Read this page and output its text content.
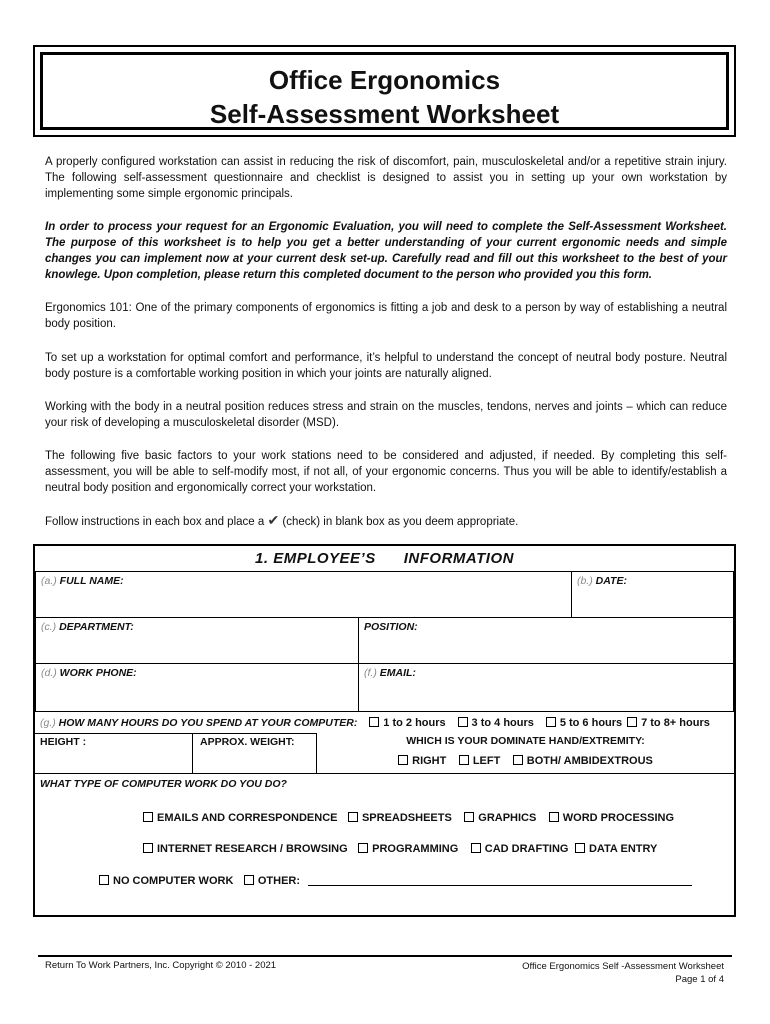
Office Ergonomics
Self-Assessment Worksheet
A properly configured workstation can assist in reducing the risk of discomfort, pain, musculoskeletal and/or a repetitive strain injury. The following self-assessment questionnaire and checklist is designed to assist you in setting up your own workstation by implementing some simple ergonomic principals.
In order to process your request for an Ergonomic Evaluation, you will need to complete the Self-Assessment Worksheet. The purpose of this worksheet is to help you get a better understanding of your current ergonomic needs and simple changes you can implement now at your current desk set-up. Carefully read and fill out this worksheet to the best of your knowlege. Upon completion, please return this completed document to the person who provided you this form.
Ergonomics 101: One of the primary components of ergonomics is fitting a job and desk to a person by way of establishing a neutral body position.
To set up a workstation for optimal comfort and performance, it’s helpful to understand the concept of neutral body posture. Neutral body posture is a comfortable working position in which your joints are naturally aligned.
Working with the body in a neutral position reduces stress and strain on the muscles, tendons, nerves and joints – which can reduce your risk of developing a musculoskeletal disorder (MSD).
The following five basic factors to your work stations need to be considered and adjusted, if needed. By completing this self-assessment, you will be able to self-modify most, if not all, of your ergonomic concerns. Thus you will be able to identify/establish a neutral body position and ergonomically correct your workstation.
Follow instructions in each box and place a ✔ (check) in blank box as you deem appropriate.
1. EMPLOYEE’S INFORMATION
(a.) FULL NAME:	(b.) DATE:
(c.) DEPARTMENT:	POSITION:
(d.) WORK PHONE:	(f.) EMAIL:
(g.) HOW MANY HOURS DO YOU SPEND AT YOUR COMPUTER: 1 to 2 hours 3 to 4 hours 5 to 6 hours 7 to 8+ hours
HEIGHT :	APPROX. WEIGHT:	WHICH IS YOUR DOMINATE HAND/EXTREMITY:
RIGHT LEFT BOTH/ AMBIDEXTROUS
WHAT TYPE OF COMPUTER WORK DO YOU DO?
EMAILS AND CORRESPONDENCE SPREADSHEETS GRAPHICS WORD PROCESSING
INTERNET RESEARCH / BROWSING PROGRAMMING CAD DRAFTING DATA ENTRY
NO COMPUTER WORK OTHER:
Return To Work Partners, Inc. Copyright © 2010 - 2021	Office Ergonomics Self -Assessment Worksheet
Page 1 of 4
